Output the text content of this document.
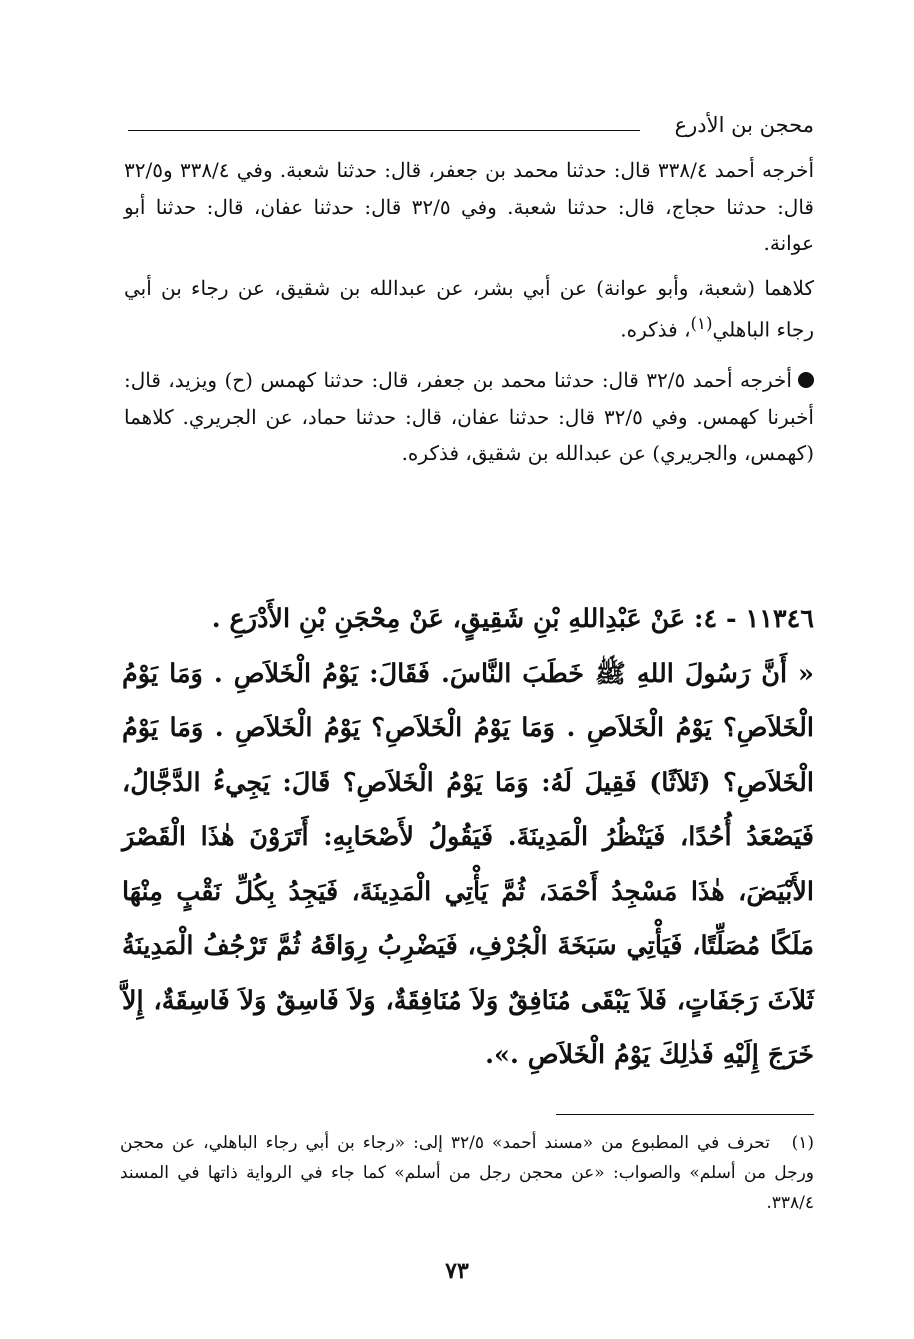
محجن بن الأدرع

أخرجه أحمد ٣٣٨/٤ قال: حدثنا محمد بن جعفر، قال: حدثنا شعبة. وفي ٣٣٨/٤ و٣٢/٥ قال: حدثنا حجاج، قال: حدثنا شعبة. وفي ٣٢/٥ قال: حدثنا عفان، قال: حدثنا أبو عوانة.

كلاهما (شعبة، وأبو عوانة) عن أبي بشر، عن عبدالله بن شقيق، عن رجاء بن أبي رجاء الباهلي$^{(١)}$، فذكره.

أخرجه أحمد ٣٢/٥ قال: حدثنا محمد بن جعفر، قال: حدثنا كهمس (ح) ويزيد، قال: أخبرنا كهمس. وفي ٣٢/٥ قال: حدثنا عفان، قال: حدثنا حماد، عن الجريري. كلاهما (كهمس، والجريري) عن عبدالله بن شقيق، فذكره.

١١٣٤٦ - ٤: عَنْ عَبْدِاللهِ بْنِ شَقِيقٍ، عَنْ مِحْجَنِ بْنِ الأَدْرَعِ .

« أَنَّ رَسُولَ اللهِ ﷺ خَطَبَ النَّاسَ. فَقَالَ: يَوْمُ الْخَلاَصِ . وَمَا يَوْمُ الْخَلاَصِ؟ يَوْمُ الْخَلاَصِ . وَمَا يَوْمُ الْخَلاَصِ؟ يَوْمُ الْخَلاَصِ . وَمَا يَوْمُ الْخَلاَصِ؟ (ثَلاَثًا) فَقِيلَ لَهُ: وَمَا يَوْمُ الْخَلاَصِ؟ قَالَ: يَجِيءُ الدَّجَّالُ، فَيَصْعَدُ أُحُدًا، فَيَنْظُرُ الْمَدِينَةَ. فَيَقُولُ لأَصْحَابِهِ: أَتَرَوْنَ هٰذَا الْقَصْرَ الأَبْيَضَ، هٰذَا مَسْجِدُ أَحْمَدَ، ثُمَّ يَأْتِي الْمَدِينَةَ، فَيَجِدُ بِكُلِّ نَقْبٍ مِنْهَا مَلَكًا مُصَلِّتًا، فَيَأْتِي سَبَخَةَ الْجُرْفِ، فَيَضْرِبُ رِوَاقَهُ ثُمَّ تَرْجُفُ الْمَدِينَةُ ثَلاَثَ رَجَفَاتٍ، فَلاَ يَبْقَى مُنَافِقٌ وَلاَ مُنَافِقَةٌ، وَلاَ فَاسِقٌ وَلاَ فَاسِقَةٌ، إِلاَّ خَرَجَ إِلَيْهِ فَذٰلِكَ يَوْمُ الْخَلاَصِ .».

(١)تحرف في المطبوع من «مسند أحمد» ٣٢/٥ إلى: «رجاء بن أبي رجاء الباهلي، عن محجن ورجل من أسلم» والصواب: «عن محجن رجل من أسلم» كما جاء في الرواية ذاتها في المسند ٣٣٨/٤.
٧٣
